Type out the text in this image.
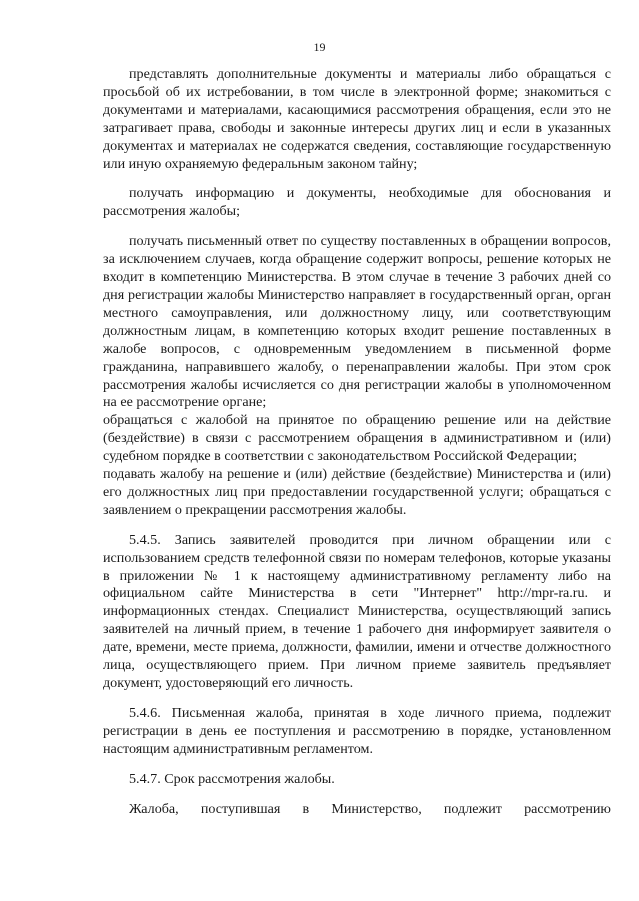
19

представлять дополнительные документы и материалы либо обращаться с просьбой об их истребовании, в том числе в электронной форме; знакомиться с документами и материалами, касающимися рассмотрения обращения, если это не затрагивает права, свободы и законные интересы других лиц и если в указанных документах и материалах не содержатся сведения, составляющие государственную или иную охраняемую федеральным законом тайну;

получать информацию и документы, необходимые для обоснования и рассмотрения жалобы;

получать письменный ответ по существу поставленных в обращении вопросов, за исключением случаев, когда обращение содержит вопросы, решение которых не входит в компетенцию Министерства. В этом случае в течение 3 рабочих дней со дня регистрации жалобы Министерство направляет в государственный орган, орган местного самоуправления, или должностному лицу, или соответствующим должностным лицам, в компетенцию которых входит решение поставленных в жалобе вопросов, с одновременным уведомлением в письменной форме гражданина, направившего жалобу, о перенаправлении жалобы. При этом срок рассмотрения жалобы исчисляется со дня регистрации жалобы в уполномоченном на ее рассмотрение органе;

обращаться с жалобой на принятое по обращению решение или на действие (бездействие) в связи с рассмотрением обращения в административном и (или) судебном порядке в соответствии с законодательством Российской Федерации;

подавать жалобу на решение и (или) действие (бездействие) Министерства и (или) его должностных лиц при предоставлении государственной услуги; обращаться с заявлением о прекращении рассмотрения жалобы.

5.4.5. Запись заявителей проводится при личном обращении или с использованием средств телефонной связи по номерам телефонов, которые указаны в приложении № 1 к настоящему административному регламенту либо на официальном сайте Министерства в сети "Интернет" http://mpr-ra.ru. и информационных стендах. Специалист Министерства, осуществляющий запись заявителей на личный прием, в течение 1 рабочего дня информирует заявителя о дате, времени, месте приема, должности, фамилии, имени и отчестве должностного лица, осуществляющего прием. При личном приеме заявитель предъявляет документ, удостоверяющий его личность.

5.4.6. Письменная жалоба, принятая в ходе личного приема, подлежит регистрации в день ее поступления и рассмотрению в порядке, установленном настоящим административным регламентом.

5.4.7. Срок рассмотрения жалобы.

Жалоба, поступившая в Министерство, подлежит рассмотрению
